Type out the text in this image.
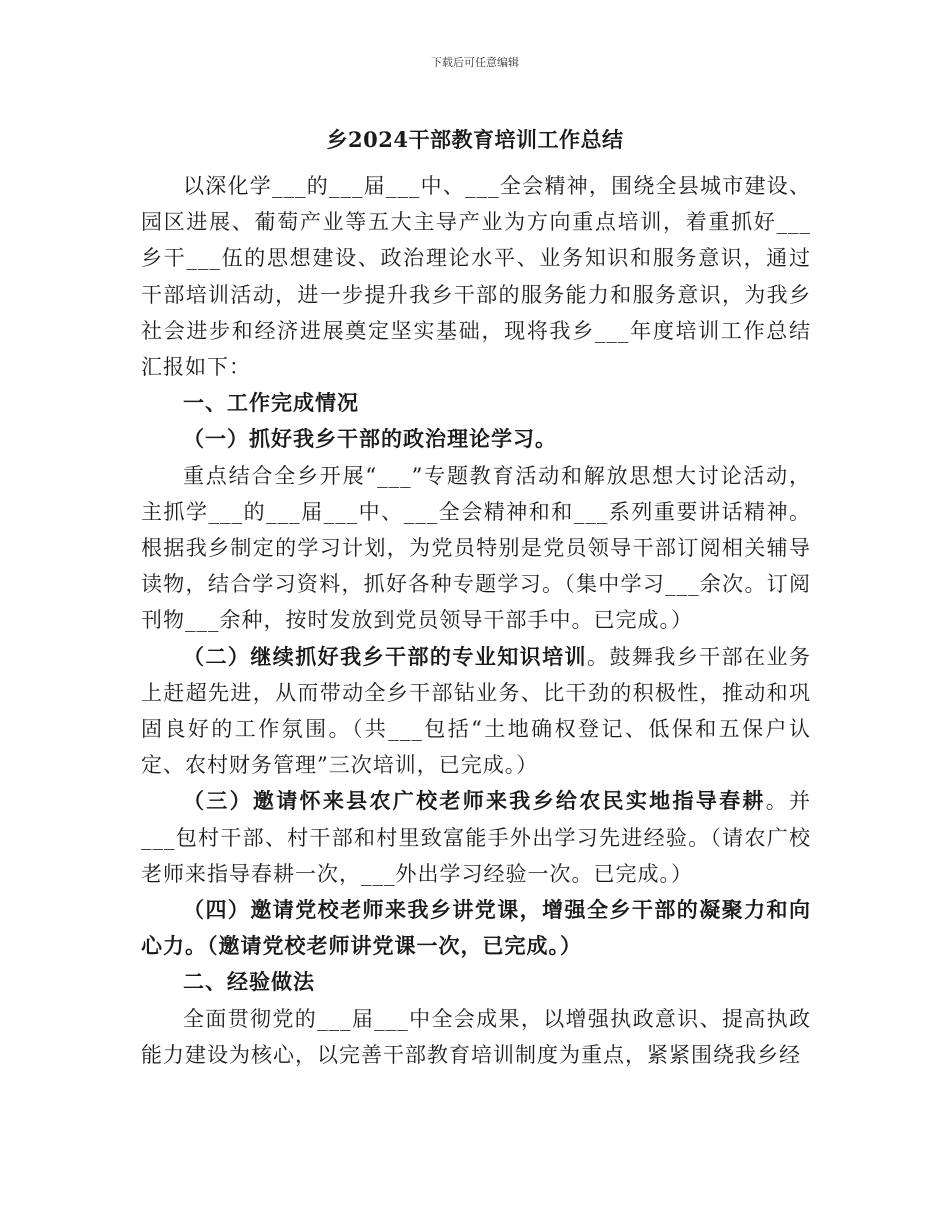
下载后可任意编辑
乡2024干部教育培训工作总结

以深化学___的___届___中、___全会精神，围绕全县城市建设、园区进展、葡萄产业等五大主导产业为方向重点培训，着重抓好___乡干___伍的思想建设、政治理论水平、业务知识和服务意识，通过干部培训活动，进一步提升我乡干部的服务能力和服务意识，为我乡社会进步和经济进展奠定坚实基础，现将我乡___年度培训工作总结汇报如下：

一、工作完成情况

（一）抓好我乡干部的政治理论学习。

重点结合全乡开展“___”专题教育活动和解放思想大讨论活动，主抓学___的___届___中、___全会精神和和___系列重要讲话精神。根据我乡制定的学习计划，为党员特别是党员领导干部订阅相关辅导读物，结合学习资料，抓好各种专题学习。（集中学习___余次。订阅刊物___余种，按时发放到党员领导干部手中。已完成。）

（二）继续抓好我乡干部的专业知识培训。鼓舞我乡干部在业务上赶超先进，从而带动全乡干部钻业务、比干劲的积极性，推动和巩固良好的工作氛围。（共___包括“土地确权登记、低保和五保户认定、农村财务管理”三次培训，已完成。）

（三）邀请怀来县农广校老师来我乡给农民实地指导春耕。并___包村干部、村干部和村里致富能手外出学习先进经验。（请农广校老师来指导春耕一次，___外出学习经验一次。已完成。）

（四）邀请党校老师来我乡讲党课，增强全乡干部的凝聚力和向心力。（邀请党校老师讲党课一次，已完成。）

二、经验做法

全面贯彻党的___届___中全会成果，以增强执政意识、提高执政能力建设为核心，以完善干部教育培训制度为重点，紧紧围绕我乡经
